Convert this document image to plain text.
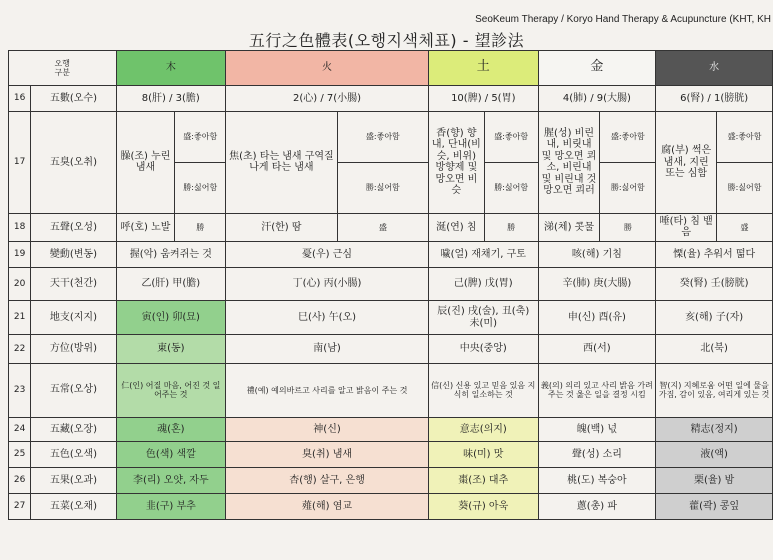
SeoKeum Therapy / Koryo Hand Therapy & Acupuncture (KHT, KH
五行之色體表(오행지색체표) - 望診法
오행
구분		木		火		土		金		水	
16	五數(오수)	8(肝) / 3(膽)		2(心) / 7(小腸)		10(脾) / 5(胃)		4(肺) / 9(大腸)		6(腎) / 1(膀胱)	
17	五臭(오취)	臊(조) 누린 냄새	盛:좋아함	焦(초) 타는 냄새 구역질나게 타는 냄새	盛:좋아함	香(향) 향내, 단내(비슷, 비위) 방향제 및 망오면 비슷	盛:좋아함	腥(성) 비린내, 비릿내 및 망오면 쾨소, 비린내 및 비린내 것 망오면 쾨러	盛:좋아함	腐(부) 썩은 냄새, 지린 또는 심함	盛:좋아함
			勝:싫어함		勝:싫어함		勝:싫어함		勝:싫어함		勝:싫어함
18	五聲(오성)	呼(호) 노발	勝	汗(한) 땀	盛	涎(연) 침	勝	涕(체) 콧물	勝	唾(타) 침 뱉음	盛
19	變動(변동)	握(악) 움켜쥐는 것		憂(우) 근심		噦(얼) 재채기, 구토		咳(해) 기침		慄(율) 추워서 떪다	
20	天干(천간)	乙(肝) 甲(膽)		丁(心) 丙(小腸)		己(脾) 戊(胃)		辛(肺) 庚(大腸)		癸(腎) 壬(膀胱)	
21	地支(지지)	寅(인) 卯(묘)		巳(사) 午(오)		辰(진) 戌(술), 丑(축) 未(미)		申(신) 酉(유)		亥(해) 子(자)	
22	方位(방위)	東(동)		南(남)		中央(중앙)		西(서)		北(북)	
23	五常(오상)	仁(인) 어질 마음, 어진 것 일어주는 것		禮(예) 예의바르고 사리를 알고 밝음이 주는 것		信(신) 신용 있고 믿음 있음 지식히 일소하는 것		義(의) 의리 있고 사리 밝음 가려주는 것 옳은 일을 결정 시킴		智(지) 지혜로움 어떤 일에 물을 가짐, 감이 있음, 여리게 있는 것	
24	五藏(오장)	魂(혼)		神(신)		意志(의지)		魄(백) 넋		精志(정지)	
25	五色(오색)	色(색) 색깔		臭(취) 냄새		味(미) 맛		聲(성) 소리		液(액)	
26	五果(오과)	李(리) 오얏, 자두		杏(행) 살구, 은행		棗(조) 대추		桃(도) 복숭아		栗(율) 밤	
27	五菜(오채)	韭(구) 부추		薤(해) 염교		葵(규) 아욱		蔥(총) 파		藿(곽) 콩잎	
